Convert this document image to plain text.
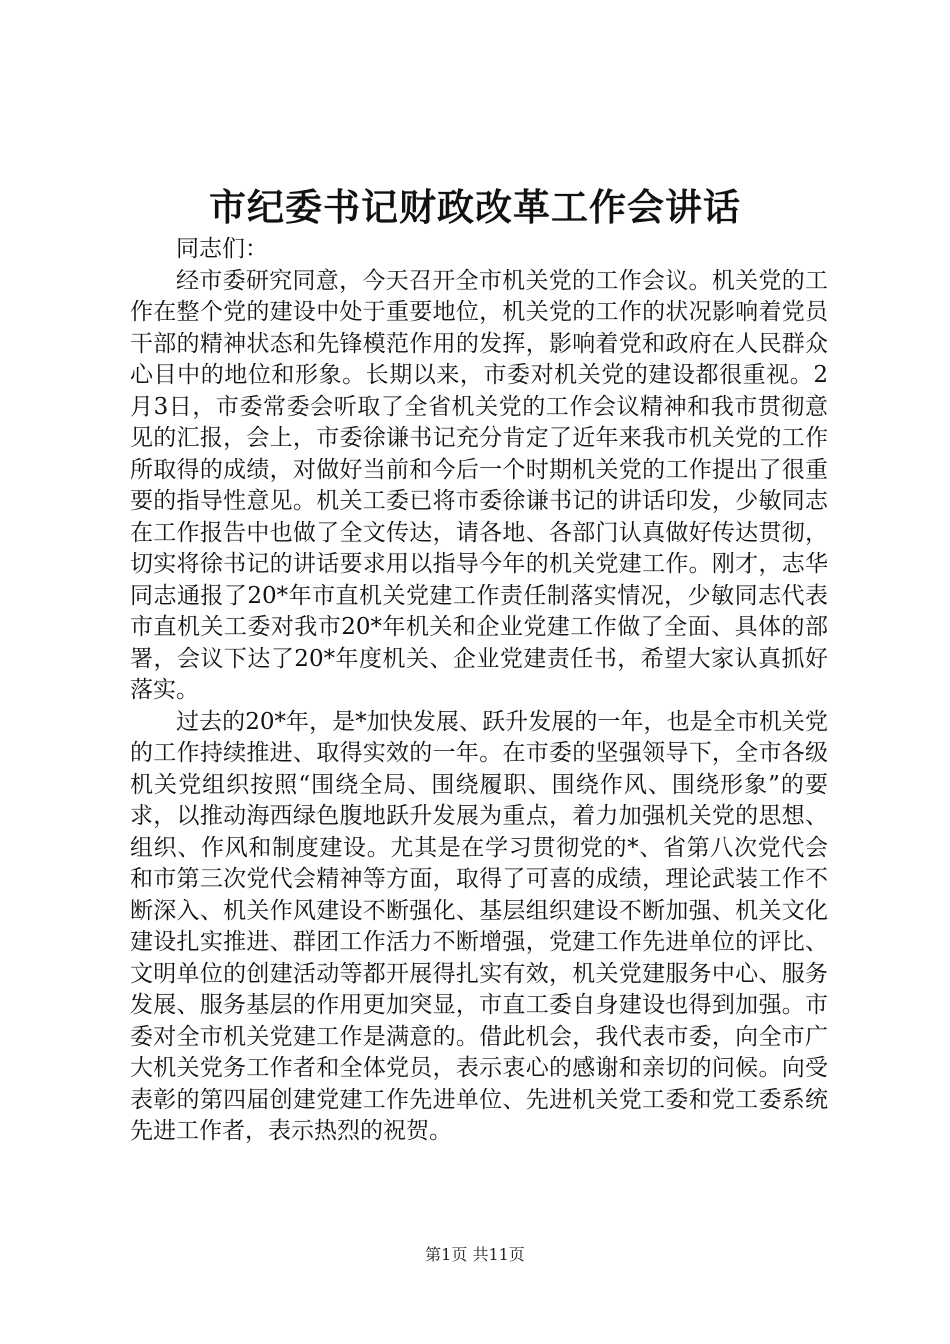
市纪委书记财政改革工作会讲话

同志们：

经市委研究同意，今天召开全市机关党的工作会议。机关党的工作在整个党的建设中处于重要地位，机关党的工作的状况影响着党员干部的精神状态和先锋模范作用的发挥，影响着党和政府在人民群众心目中的地位和形象。长期以来，市委对机关党的建设都很重视。2月3日，市委常委会听取了全省机关党的工作会议精神和我市贯彻意见的汇报，会上，市委徐谦书记充分肯定了近年来我市机关党的工作所取得的成绩，对做好当前和今后一个时期机关党的工作提出了很重要的指导性意见。机关工委已将市委徐谦书记的讲话印发，少敏同志在工作报告中也做了全文传达，请各地、各部门认真做好传达贯彻，切实将徐书记的讲话要求用以指导今年的机关党建工作。刚才，志华同志通报了20*年市直机关党建工作责任制落实情况，少敏同志代表市直机关工委对我市20*年机关和企业党建工作做了全面、具体的部署，会议下达了20*年度机关、企业党建责任书，希望大家认真抓好落实。

过去的20*年，是*加快发展、跃升发展的一年，也是全市机关党的工作持续推进、取得实效的一年。在市委的坚强领导下，全市各级机关党组织按照“围绕全局、围绕履职、围绕作风、围绕形象”的要求，以推动海西绿色腹地跃升发展为重点，着力加强机关党的思想、组织、作风和制度建设。尤其是在学习贯彻党的*、省第八次党代会和市第三次党代会精神等方面，取得了可喜的成绩，理论武装工作不断深入、机关作风建设不断强化、基层组织建设不断加强、机关文化建设扎实推进、群团工作活力不断增强，党建工作先进单位的评比、文明单位的创建活动等都开展得扎实有效，机关党建服务中心、服务发展、服务基层的作用更加突显，市直工委自身建设也得到加强。市委对全市机关党建工作是满意的。借此机会，我代表市委，向全市广大机关党务工作者和全体党员，表示衷心的感谢和亲切的问候。向受表彰的第四届创建党建工作先进单位、先进机关党工委和党工委系统先进工作者，表示热烈的祝贺。

第1页 共11页
